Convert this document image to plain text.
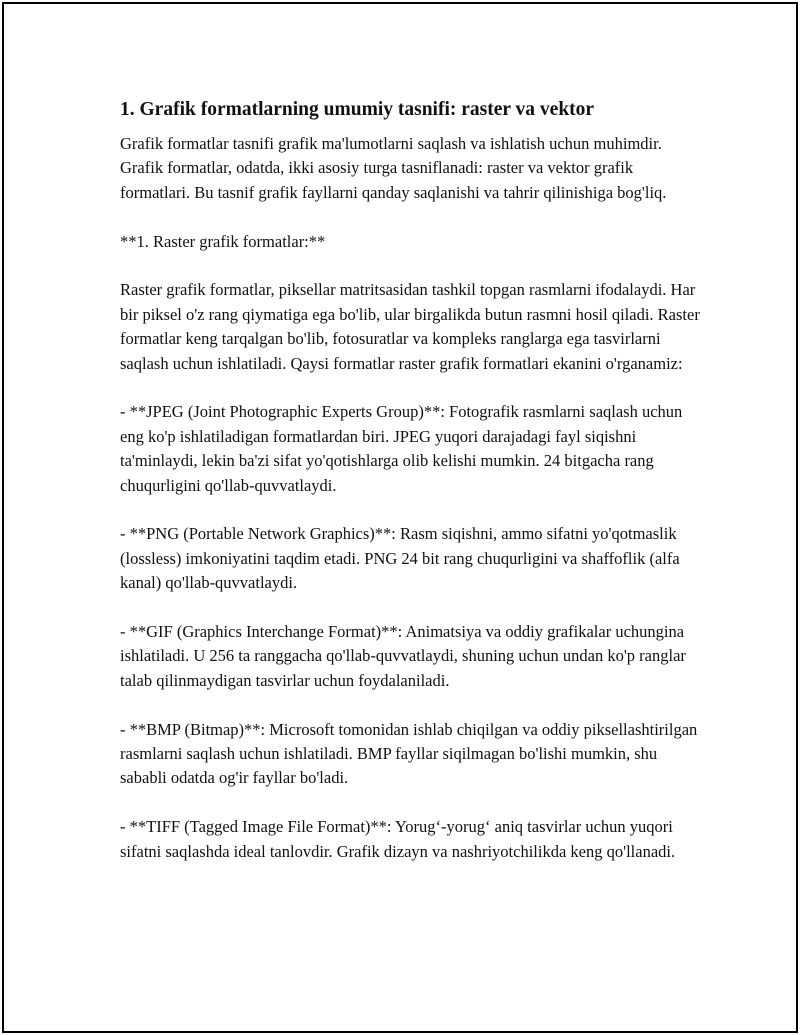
1. Grafik formatlarning umumiy tasnifi: raster va vektor

Grafik formatlar tasnifi grafik ma'lumotlarni saqlash va ishlatish uchun muhimdir. Grafik formatlar, odatda, ikki asosiy turga tasniflanadi: raster va vektor grafik formatlari. Bu tasnif grafik fayllarni qanday saqlanishi va tahrir qilinishiga bog'liq.

**1. Raster grafik formatlar:**

Raster grafik formatlar, piksellar matritsasidan tashkil topgan rasmlarni ifodalaydi. Har bir piksel o'z rang qiymatiga ega bo'lib, ular birgalikda butun rasmni hosil qiladi. Raster formatlar keng tarqalgan bo'lib, fotosuratlar va kompleks ranglarga ega tasvirlarni saqlash uchun ishlatiladi. Qaysi formatlar raster grafik formatlari ekanini o'rganamiz:

- **JPEG (Joint Photographic Experts Group)**: Fotografik rasmlarni saqlash uchun eng ko'p ishlatiladigan formatlardan biri. JPEG yuqori darajadagi fayl siqishni ta'minlaydi, lekin ba'zi sifat yo'qotishlarga olib kelishi mumkin. 24 bitgacha rang chuqurligini qo'llab-quvvatlaydi.

- **PNG (Portable Network Graphics)**: Rasm siqishni, ammo sifatni yo'qotmaslik (lossless) imkoniyatini taqdim etadi. PNG 24 bit rang chuqurligini va shaffoflik (alfa kanal) qo'llab-quvvatlaydi.

- **GIF (Graphics Interchange Format)**: Animatsiya va oddiy grafikalar uchungina ishlatiladi. U 256 ta ranggacha qo'llab-quvvatlaydi, shuning uchun undan ko'p ranglar talab qilinmaydigan tasvirlar uchun foydalaniladi.

- **BMP (Bitmap)**: Microsoft tomonidan ishlab chiqilgan va oddiy piksellashtirilgan rasmlarni saqlash uchun ishlatiladi. BMP fayllar siqilmagan bo'lishi mumkin, shu sababli odatda og'ir fayllar bo'ladi.

- **TIFF (Tagged Image File Format)**: Yorug‘-yorug‘ aniq tasvirlar uchun yuqori sifatni saqlashda ideal tanlovdir. Grafik dizayn va nashriyotchilikda keng qo'llanadi.
